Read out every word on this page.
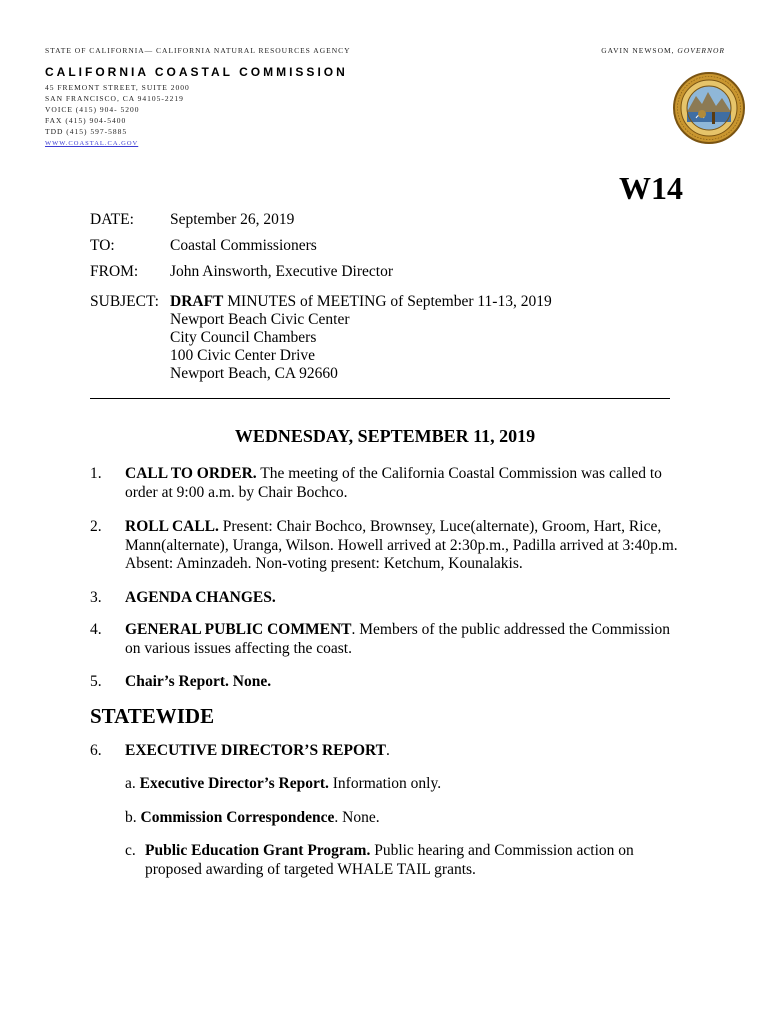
STATE OF CALIFORNIA— CALIFORNIA NATURAL RESOURCES AGENCY	GAVIN NEWSOM, GOVERNOR
CALIFORNIA COASTAL COMMISSION
45 FREMONT STREET, SUITE 2000
SAN FRANCISCO, CA 94105-2219
VOICE (415) 904- 5200
FAX (415) 904-5400
TDD (415) 597-5885
WWW.COASTAL.CA.GOV
W14
DATE: September 26, 2019
TO:	Coastal Commissioners
FROM: John Ainsworth, Executive Director
SUBJECT: DRAFT MINUTES of MEETING of September 11-13, 2019
Newport Beach Civic Center
City Council Chambers
100 Civic Center Drive
Newport Beach, CA 92660
WEDNESDAY, SEPTEMBER 11, 2019
1. CALL TO ORDER. The meeting of the California Coastal Commission was called to order at 9:00 a.m. by Chair Bochco.
2. ROLL CALL. Present: Chair Bochco, Brownsey, Luce(alternate), Groom, Hart, Rice, Mann(alternate), Uranga, Wilson. Howell arrived at 2:30p.m., Padilla arrived at 3:40p.m. Absent: Aminzadeh. Non-voting present: Ketchum, Kounalakis.
3. AGENDA CHANGES.
4. GENERAL PUBLIC COMMENT. Members of the public addressed the Commission on various issues affecting the coast.
5. Chair’s Report. None.
STATEWIDE
6. EXECUTIVE DIRECTOR’S REPORT.
a. Executive Director’s Report. Information only.
b. Commission Correspondence. None.
c. Public Education Grant Program. Public hearing and Commission action on proposed awarding of targeted WHALE TAIL grants.
